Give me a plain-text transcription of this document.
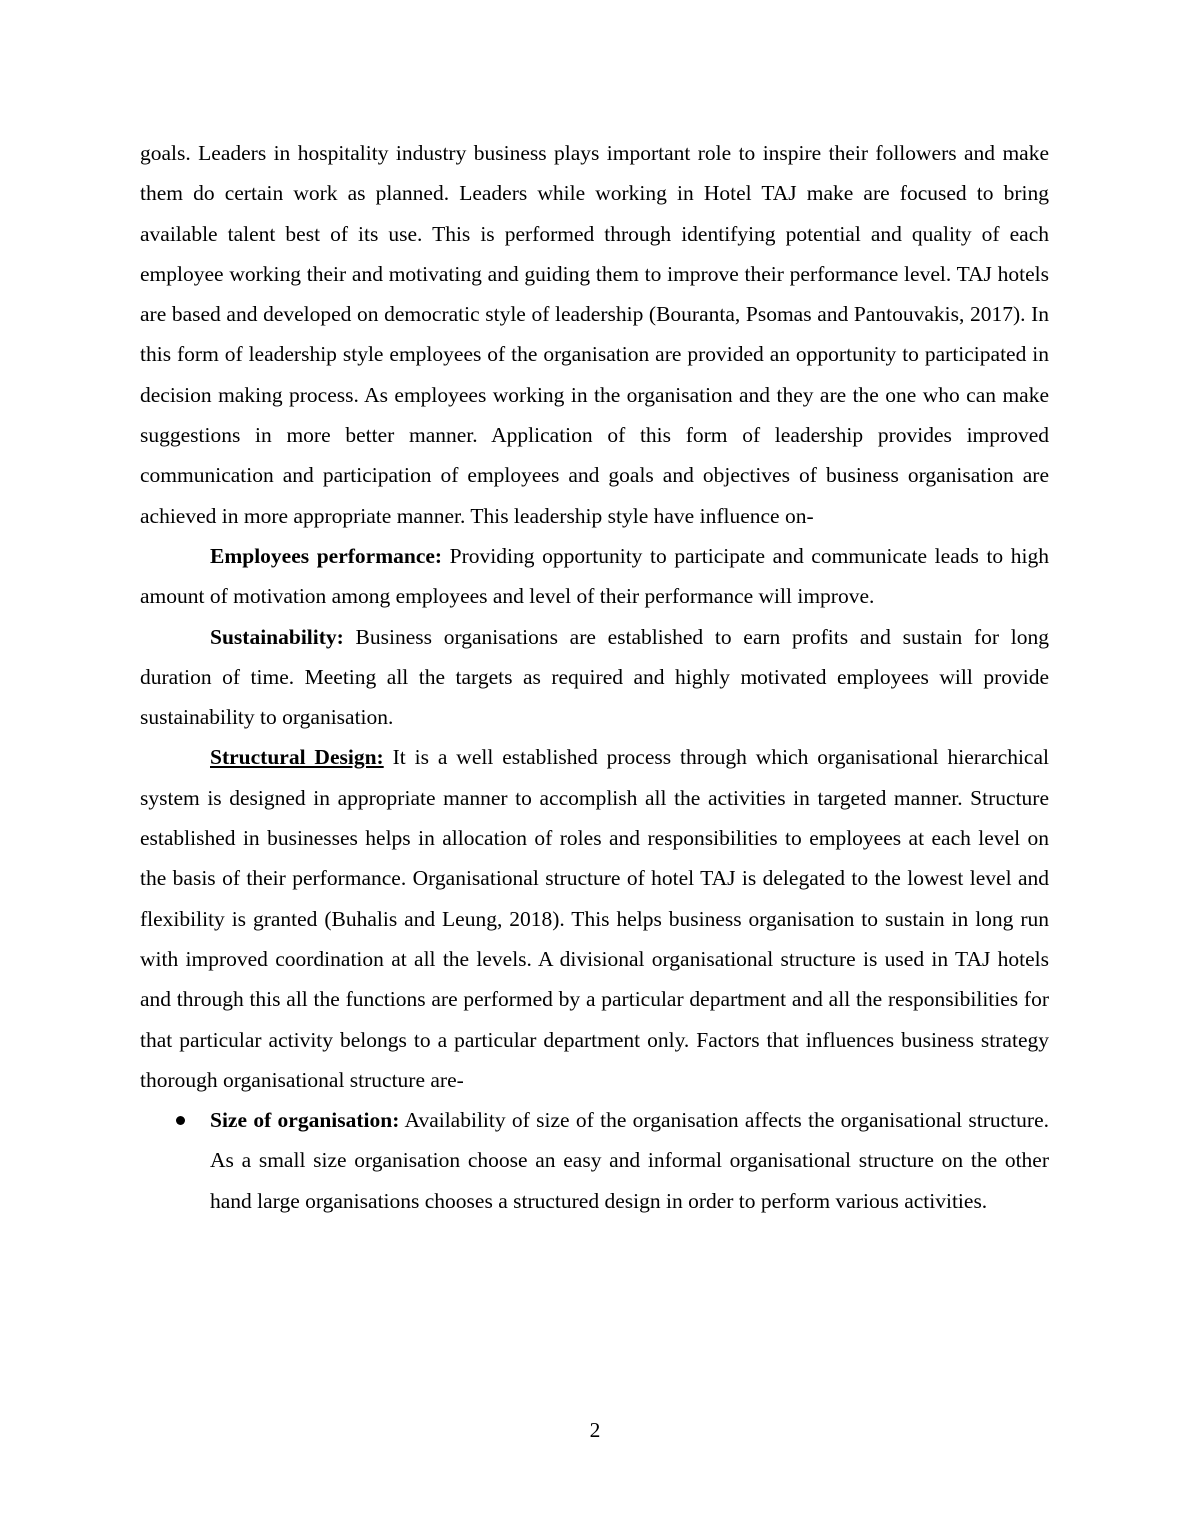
goals. Leaders in hospitality industry business plays important role to inspire their followers and make them do certain work as planned. Leaders while working in Hotel TAJ make are focused to bring available talent best of its use. This is performed through identifying potential and quality of each employee working their and motivating and guiding them to improve their performance level. TAJ hotels are based and developed on democratic style of leadership (Bouranta, Psomas and Pantouvakis, 2017). In this form of leadership style employees of the organisation are provided an opportunity to participated in decision making process. As employees working in the organisation and they are the one who can make suggestions in more better manner. Application of this form of leadership provides improved communication and participation of employees and goals and objectives of business organisation are achieved in more appropriate manner. This leadership style have influence on-

Employees performance: Providing opportunity to participate and communicate leads to high amount of motivation among employees and level of their performance will improve.

Sustainability: Business organisations are established to earn profits and sustain for long duration of time. Meeting all the targets as required and highly motivated employees will provide sustainability to organisation.

Structural Design: It is a well established process through which organisational hierarchical system is designed in appropriate manner to accomplish all the activities in targeted manner. Structure established in businesses helps in allocation of roles and responsibilities to employees at each level on the basis of their performance. Organisational structure of hotel TAJ is delegated to the lowest level and flexibility is granted (Buhalis and Leung, 2018). This helps business organisation to sustain in long run with improved coordination at all the levels. A divisional organisational structure is used in TAJ hotels and through this all the functions are performed by a particular department and all the responsibilities for that particular activity belongs to a particular department only. Factors that influences business strategy thorough organisational structure are-

Size of organisation: Availability of size of the organisation affects the organisational structure. As a small size organisation choose an easy and informal organisational structure on the other hand large organisations chooses a structured design in order to perform various activities.
2
